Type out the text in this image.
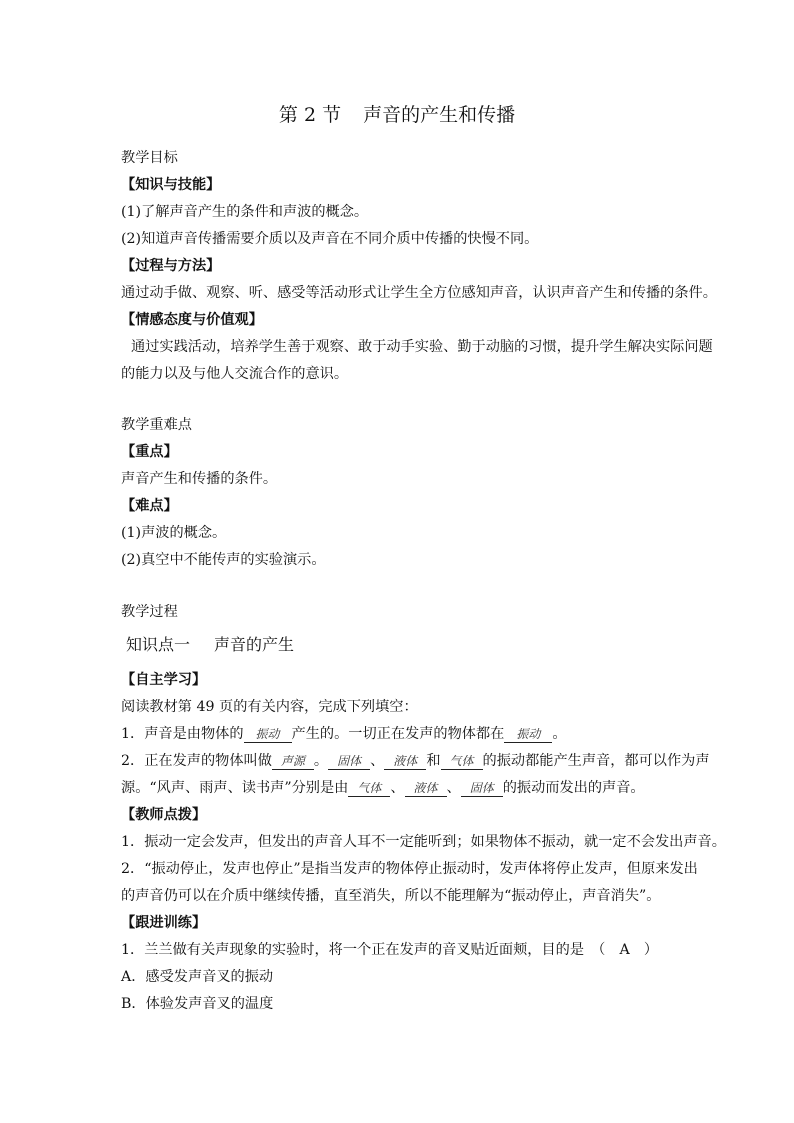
第 2 节 声音的产生和传播
教学目标
【知识与技能】
(1)了解声音产生的条件和声波的概念。
(2)知道声音传播需要介质以及声音在不同介质中传播的快慢不同。
【过程与方法】
通过动手做、观察、听、感受等活动形式让学生全方位感知声音，认识声音产生和传播的条件。
【情感态度与价值观】
通过实践活动，培养学生善于观察、敢于动手实验、勤于动脑的习惯，提升学生解决实际问题
的能力以及与他人交流合作的意识。
教学重难点
【重点】
声音产生和传播的条件。
【难点】
(1)声波的概念。
(2)真空中不能传声的实验演示。
教学过程
知识点一 声音的产生
【自主学习】
阅读教材第 49 页的有关内容，完成下列填空：
1．声音是由物体的 振动 产生的。一切正在发声的物体都在 振动 。
2．正在发声的物体叫做 声源 。 固体 、 液体 和 气体 的振动都能产生声音，都可以作为声
源。“风声、雨声、读书声”分别是由 气体 、 液体 、 固体 的振动而发出的声音。
【教师点拨】
1．振动一定会发声，但发出的声音人耳不一定能听到；如果物体不振动，就一定不会发出声音。
2．“振动停止，发声也停止”是指当发声的物体停止振动时，发声体将停止发声，但原来发出
的声音仍可以在介质中继续传播，直至消失，所以不能理解为“振动停止，声音消失”。
【跟进训练】
1．兰兰做有关声现象的实验时，将一个正在发声的音叉贴近面颊，目的是　（　A　）
A．感受发声音叉的振动
B．体验发声音叉的温度
